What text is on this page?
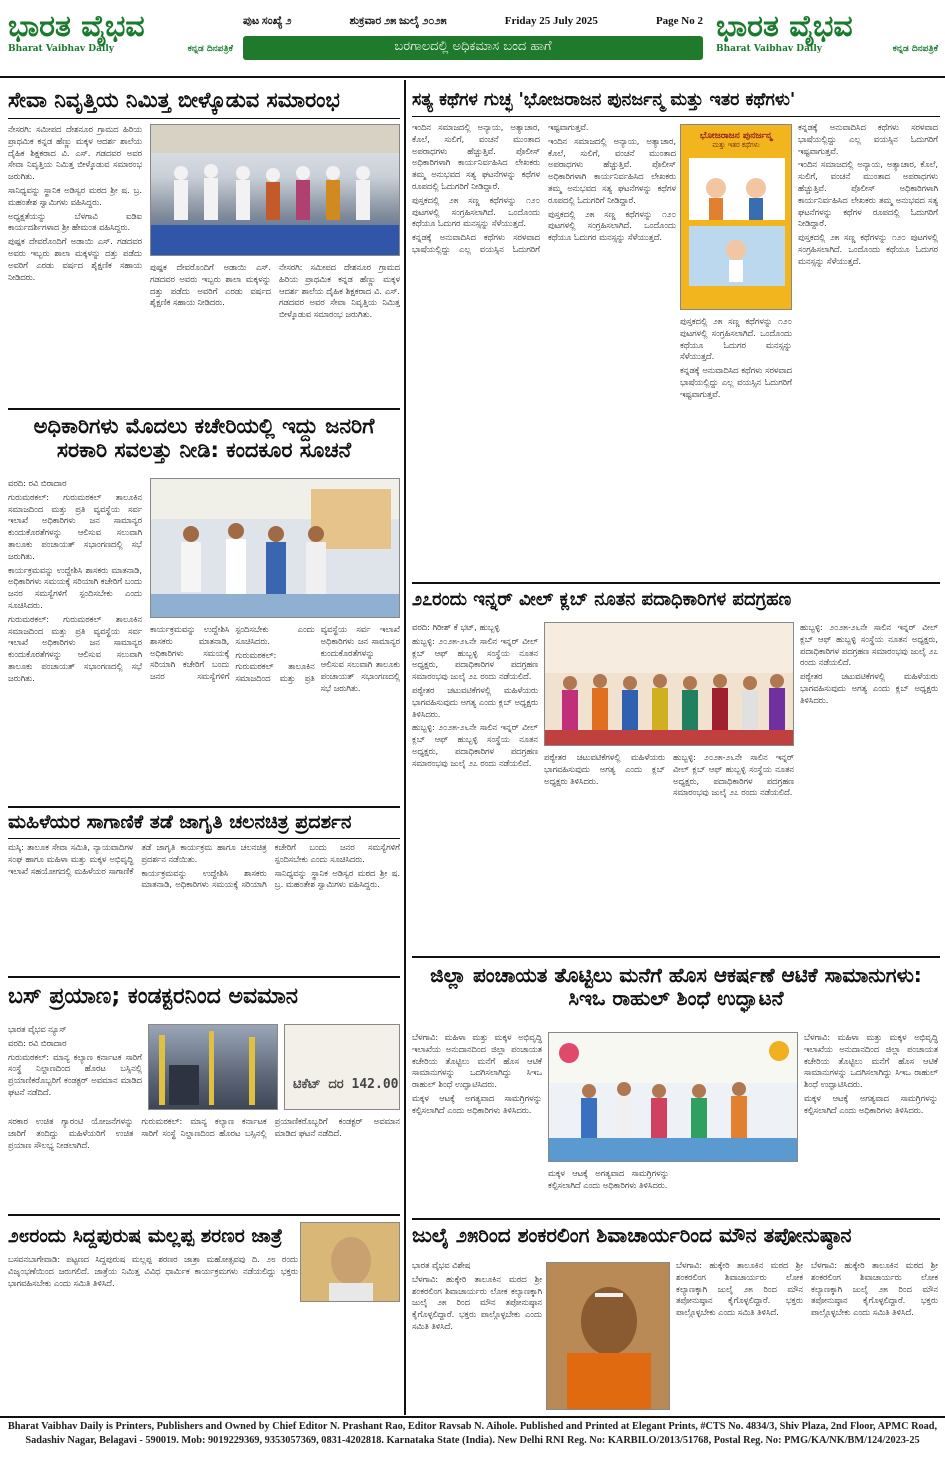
ಭಾರತ ವೈಭವ
Bharat Vaibhav Daily	ಕನ್ನಡ ದಿನಪತ್ರಿಕೆ
ಪುಟ ಸಂಖ್ಯೆ ೨	ಶುಕ್ರವಾರ ೨೫ ಜುಲೈ ೨೦೨೫	Friday 25 July 2025	Page No 2
ಬರಗಾಲದಲ್ಲಿ ಅಧಿಕಮಾಸ ಬಂದ ಹಾಗೆ
ಭಾರತ ವೈಭವ
Bharat Vaibhav Daily	ಕನ್ನಡ ದಿನಪತ್ರಿಕೆ
ಸೇವಾ ನಿವೃತ್ತಿಯ ನಿಮಿತ್ತ ಬೀಳ್ಕೊಡುವ ಸಮಾರಂಭ

ನೇಸರಗಿ: ಸಮೀಪದ ದೇಶನೂರ ಗ್ರಾಮದ ಹಿರಿಯ ಪ್ರಾಥಮಿಕ ಕನ್ನಡ ಹೆಣ್ಣು ಮಕ್ಕಳ ಆದರ್ಶ ಶಾಲೆಯ ದೈಹಿಕ ಶಿಕ್ಷಕರಾದ ವಿ. ಎಸ್. ಗಡದವರ ಅವರ ಸೇವಾ ನಿವೃತ್ತಿಯ ನಿಮಿತ್ತ ಬೀಳ್ಕೊಡುವ ಸಮಾರಂಭ ಜರುಗಿತು.

ಸಾನಿಧ್ಯವನ್ನು ಸ್ಥಾನಿಕ ಅಡಿಸ್ವರ ಮಠದ ಶ್ರೀ ಷ. ಬ್ರ. ಮಹಂತೇಶ ಸ್ವಾಮಿಗಳು ವಹಿಸಿದ್ದರು.

ಅಧ್ಯಕ್ಷತೆಯನ್ನು ಬೆಳಗಾವಿ ಐಡಿಐ ಕಾರ್ಯದರ್ಶಿಗಳಾದ ಶ್ರೀ ಹೇಮಂತ ವಹಿಸಿದ್ದರು.

ಪುಷ್ಪಕ ದೇವರೊಂದಿಗೆ ಅಡಾಯಿ ಎಸ್. ಗಡದವರ ಅವರು ಇಬ್ಬರು ಶಾಲಾ ಮಕ್ಕಳನ್ನು ದತ್ತು ಪಡೆದು ಅವರಿಗೆ ಎರಡು ವರ್ಷದ ಶೈಕ್ಷಣಿಕ ಸಹಾಯ ನೀಡಿದರು.

ಪುಷ್ಪಕ ದೇವರೊಂದಿಗೆ ಅಡಾಯಿ ಎಸ್. ಗಡದವರ ಅವರು ಇಬ್ಬರು ಶಾಲಾ ಮಕ್ಕಳನ್ನು ದತ್ತು ಪಡೆದು ಅವರಿಗೆ ಎರಡು ವರ್ಷದ ಶೈಕ್ಷಣಿಕ ಸಹಾಯ ನೀಡಿದರು.

ನೇಸರಗಿ: ಸಮೀಪದ ದೇಶನೂರ ಗ್ರಾಮದ ಹಿರಿಯ ಪ್ರಾಥಮಿಕ ಕನ್ನಡ ಹೆಣ್ಣು ಮಕ್ಕಳ ಆದರ್ಶ ಶಾಲೆಯ ದೈಹಿಕ ಶಿಕ್ಷಕರಾದ ವಿ. ಎಸ್. ಗಡದವರ ಅವರ ಸೇವಾ ನಿವೃತ್ತಿಯ ನಿಮಿತ್ತ ಬೀಳ್ಕೊಡುವ ಸಮಾರಂಭ ಜರುಗಿತು.

ಅಧಿಕಾರಿಗಳು ಮೊದಲು ಕಚೇರಿಯಲ್ಲಿ ಇದ್ದು ಜನರಿಗೆ ಸರಕಾರಿ ಸವಲತ್ತು ನೀಡಿ: ಕಂದಕೂರ ಸೂಚನೆ

ವರದಿ: ರವಿ ಬಿರಾದಾರ

ಗುರುಮಠಕಲ್: ಗುರುಮಠಕಲ್ ತಾಲೂಕಿನ ಸಮಾಜದಿಂದ ಮತ್ತು ಪ್ರತಿ ವ್ಯವಸ್ಥೆಯ ಸರ್ವ ಇಲಾಖೆ ಅಧಿಕಾರಿಗಳು ಜನ ಸಾಮಾನ್ಯರ ಕುಂದುಕೊರತೆಗಳನ್ನು ಆಲಿಸುವ ಸಲುವಾಗಿ ತಾಲೂಕು ಪಂಚಾಯತ್ ಸಭಾಂಗಣದಲ್ಲಿ ಸಭೆ ಜರುಗಿತು.

ಕಾರ್ಯಕ್ರಮವನ್ನು ಉದ್ದೇಶಿಸಿ ಶಾಸಕರು ಮಾತನಾಡಿ, ಅಧಿಕಾರಿಗಳು ಸಮಯಕ್ಕೆ ಸರಿಯಾಗಿ ಕಚೇರಿಗೆ ಬಂದು ಜನರ ಸಮಸ್ಯೆಗಳಿಗೆ ಸ್ಪಂದಿಸಬೇಕು ಎಂದು ಸೂಚಿಸಿದರು.

ಗುರುಮಠಕಲ್: ಗುರುಮಠಕಲ್ ತಾಲೂಕಿನ ಸಮಾಜದಿಂದ ಮತ್ತು ಪ್ರತಿ ವ್ಯವಸ್ಥೆಯ ಸರ್ವ ಇಲಾಖೆ ಅಧಿಕಾರಿಗಳು ಜನ ಸಾಮಾನ್ಯರ ಕುಂದುಕೊರತೆಗಳನ್ನು ಆಲಿಸುವ ಸಲುವಾಗಿ ತಾಲೂಕು ಪಂಚಾಯತ್ ಸಭಾಂಗಣದಲ್ಲಿ ಸಭೆ ಜರುಗಿತು.

ಕಾರ್ಯಕ್ರಮವನ್ನು ಉದ್ದೇಶಿಸಿ ಶಾಸಕರು ಮಾತನಾಡಿ, ಅಧಿಕಾರಿಗಳು ಸಮಯಕ್ಕೆ ಸರಿಯಾಗಿ ಕಚೇರಿಗೆ ಬಂದು ಜನರ ಸಮಸ್ಯೆಗಳಿಗೆ ಸ್ಪಂದಿಸಬೇಕು ಎಂದು ಸೂಚಿಸಿದರು.

ಗುರುಮಠಕಲ್: ಗುರುಮಠಕಲ್ ತಾಲೂಕಿನ ಸಮಾಜದಿಂದ ಮತ್ತು ಪ್ರತಿ ವ್ಯವಸ್ಥೆಯ ಸರ್ವ ಇಲಾಖೆ ಅಧಿಕಾರಿಗಳು ಜನ ಸಾಮಾನ್ಯರ ಕುಂದುಕೊರತೆಗಳನ್ನು ಆಲಿಸುವ ಸಲುವಾಗಿ ತಾಲೂಕು ಪಂಚಾಯತ್ ಸಭಾಂಗಣದಲ್ಲಿ ಸಭೆ ಜರುಗಿತು.

ಮಹಿಳೆಯರ ಸಾಗಾಣಿಕೆ ತಡೆ ಜಾಗೃತಿ ಚಲನಚಿತ್ರ ಪ್ರದರ್ಶನ

ಮಸ್ಕಿ: ತಾಲೂಕ ಸೇವಾ ಸಮಿತಿ, ನ್ಯಾಯವಾದಿಗಳ ಸಂಘ ಹಾಗೂ ಮಹಿಳಾ ಮತ್ತು ಮಕ್ಕಳ ಅಭಿವೃದ್ಧಿ ಇಲಾಖೆ ಸಹಯೋಗದಲ್ಲಿ ಮಹಿಳೆಯರ ಸಾಗಾಣಿಕೆ ತಡೆ ಜಾಗೃತಿ ಕಾರ್ಯಕ್ರಮ ಹಾಗೂ ಚಲನಚಿತ್ರ ಪ್ರದರ್ಶನ ನಡೆಯಿತು.

ಕಾರ್ಯಕ್ರಮವನ್ನು ಉದ್ದೇಶಿಸಿ ಶಾಸಕರು ಮಾತನಾಡಿ, ಅಧಿಕಾರಿಗಳು ಸಮಯಕ್ಕೆ ಸರಿಯಾಗಿ ಕಚೇರಿಗೆ ಬಂದು ಜನರ ಸಮಸ್ಯೆಗಳಿಗೆ ಸ್ಪಂದಿಸಬೇಕು ಎಂದು ಸೂಚಿಸಿದರು.

ಸಾನಿಧ್ಯವನ್ನು ಸ್ಥಾನಿಕ ಅಡಿಸ್ವರ ಮಠದ ಶ್ರೀ ಷ. ಬ್ರ. ಮಹಂತೇಶ ಸ್ವಾಮಿಗಳು ವಹಿಸಿದ್ದರು.

ಬಸ್ ಪ್ರಯಾಣ; ಕಂಡಕ್ಟರನಿಂದ ಅವಮಾನ

ಭಾರತ ವೈಭವ ನ್ಯೂಸ್

ವರದಿ: ರವಿ ಬಿರಾದಾರ

ಗುರುಮಠಕಲ್: ಮಾನ್ಯ ಕಲ್ಯಾಣ ಕರ್ನಾಟಕ ಸಾರಿಗೆ ಸಂಸ್ಥೆ ನಿಲ್ದಾಣದಿಂದ ಹೊರಟ ಬಸ್ಸಿನಲ್ಲಿ ಪ್ರಯಾಣಿಕರೊಬ್ಬರಿಗೆ ಕಂಡಕ್ಟರ್ ಅವಮಾನ ಮಾಡಿದ ಘಟನೆ ನಡೆದಿದೆ.	ಟಿಕೆಟ್ ದರ 142.00

ಸರಕಾರ ಉಚಿತ ಗ್ಯಾರಂಟಿ ಯೋಜನೆಗಳನ್ನು ಜಾರಿಗೆ ತಂದಿದ್ದು ಮಹಿಳೆಯರಿಗೆ ಉಚಿತ ಪ್ರಯಾಣ ಸೌಲಭ್ಯ ನೀಡಲಾಗಿದೆ.

ಗುರುಮಠಕಲ್: ಮಾನ್ಯ ಕಲ್ಯಾಣ ಕರ್ನಾಟಕ ಸಾರಿಗೆ ಸಂಸ್ಥೆ ನಿಲ್ದಾಣದಿಂದ ಹೊರಟ ಬಸ್ಸಿನಲ್ಲಿ ಪ್ರಯಾಣಿಕರೊಬ್ಬರಿಗೆ ಕಂಡಕ್ಟರ್ ಅವಮಾನ ಮಾಡಿದ ಘಟನೆ ನಡೆದಿದೆ.

೨೮ರಂದು ಸಿದ್ದಪುರುಷ ಮಲ್ಲಪ್ಪ ಶರಣರ ಜಾತ್ರೆ

ಬಸವನಬಾಗೇವಾಡಿ: ಪಟ್ಟಣದ ಸಿದ್ದಪುರುಷ ಮಲ್ಲಪ್ಪ ಶರಣರ ಜಾತ್ರಾ ಮಹೋತ್ಸವವು ದಿ. ೨೮ ರಂದು ವಿಜೃಂಭಣೆಯಿಂದ ಜರುಗಲಿದೆ. ಜಾತ್ರೆಯ ನಿಮಿತ್ತ ವಿವಿಧ ಧಾರ್ಮಿಕ ಕಾರ್ಯಕ್ರಮಗಳು ನಡೆಯಲಿದ್ದು ಭಕ್ತರು ಭಾಗವಹಿಸಬೇಕು ಎಂದು ಸಮಿತಿ ತಿಳಿಸಿದೆ.

ಸತ್ಯ ಕಥೆಗಳ ಗುಚ್ಛ 'ಭೋಜರಾಜನ ಪುನರ್ಜನ್ಮ ಮತ್ತು ಇತರ ಕಥೆಗಳು'

ಇಂದಿನ ಸಮಾಜದಲ್ಲಿ ಅನ್ಯಾಯ, ಅತ್ಯಾಚಾರ, ಕೊಲೆ, ಸುಲಿಗೆ, ವಂಚನೆ ಮುಂತಾದ ಅಪರಾಧಗಳು ಹೆಚ್ಚುತ್ತಿವೆ. ಪೊಲೀಸ್ ಅಧಿಕಾರಿಗಳಾಗಿ ಕಾರ್ಯನಿರ್ವಹಿಸಿದ ಲೇಖಕರು ತಮ್ಮ ಅನುಭವದ ಸತ್ಯ ಘಟನೆಗಳನ್ನು ಕಥೆಗಳ ರೂಪದಲ್ಲಿ ಓದುಗರಿಗೆ ನೀಡಿದ್ದಾರೆ.

ಪುಸ್ತಕದಲ್ಲಿ ೨೫ ಸಣ್ಣ ಕಥೆಗಳನ್ನು ೧೨೦ ಪುಟಗಳಲ್ಲಿ ಸಂಗ್ರಹಿಸಲಾಗಿದೆ. ಒಂದೊಂದು ಕಥೆಯೂ ಓದುಗರ ಮನಸ್ಸನ್ನು ಸೆಳೆಯುತ್ತದೆ.

ಕನ್ನಡಕ್ಕೆ ಅನುವಾದಿಸಿದ ಕಥೆಗಳು ಸರಳವಾದ ಭಾಷೆಯಲ್ಲಿದ್ದು ಎಲ್ಲ ವಯಸ್ಸಿನ ಓದುಗರಿಗೆ ಇಷ್ಟವಾಗುತ್ತವೆ.

ಇಂದಿನ ಸಮಾಜದಲ್ಲಿ ಅನ್ಯಾಯ, ಅತ್ಯಾಚಾರ, ಕೊಲೆ, ಸುಲಿಗೆ, ವಂಚನೆ ಮುಂತಾದ ಅಪರಾಧಗಳು ಹೆಚ್ಚುತ್ತಿವೆ. ಪೊಲೀಸ್ ಅಧಿಕಾರಿಗಳಾಗಿ ಕಾರ್ಯನಿರ್ವಹಿಸಿದ ಲೇಖಕರು ತಮ್ಮ ಅನುಭವದ ಸತ್ಯ ಘಟನೆಗಳನ್ನು ಕಥೆಗಳ ರೂಪದಲ್ಲಿ ಓದುಗರಿಗೆ ನೀಡಿದ್ದಾರೆ.

ಪುಸ್ತಕದಲ್ಲಿ ೨೫ ಸಣ್ಣ ಕಥೆಗಳನ್ನು ೧೨೦ ಪುಟಗಳಲ್ಲಿ ಸಂಗ್ರಹಿಸಲಾಗಿದೆ. ಒಂದೊಂದು ಕಥೆಯೂ ಓದುಗರ ಮನಸ್ಸನ್ನು ಸೆಳೆಯುತ್ತದೆ.

ಭೋಜರಾಜನ ಪುನರ್ಜನ್ಮ
ಮತ್ತು ಇತರ ಕಥೆಗಳು

ಕನ್ನಡಕ್ಕೆ ಅನುವಾದಿಸಿದ ಕಥೆಗಳು ಸರಳವಾದ ಭಾಷೆಯಲ್ಲಿದ್ದು ಎಲ್ಲ ವಯಸ್ಸಿನ ಓದುಗರಿಗೆ ಇಷ್ಟವಾಗುತ್ತವೆ.

ಇಂದಿನ ಸಮಾಜದಲ್ಲಿ ಅನ್ಯಾಯ, ಅತ್ಯಾಚಾರ, ಕೊಲೆ, ಸುಲಿಗೆ, ವಂಚನೆ ಮುಂತಾದ ಅಪರಾಧಗಳು ಹೆಚ್ಚುತ್ತಿವೆ. ಪೊಲೀಸ್ ಅಧಿಕಾರಿಗಳಾಗಿ ಕಾರ್ಯನಿರ್ವಹಿಸಿದ ಲೇಖಕರು ತಮ್ಮ ಅನುಭವದ ಸತ್ಯ ಘಟನೆಗಳನ್ನು ಕಥೆಗಳ ರೂಪದಲ್ಲಿ ಓದುಗರಿಗೆ ನೀಡಿದ್ದಾರೆ.

ಪುಸ್ತಕದಲ್ಲಿ ೨೫ ಸಣ್ಣ ಕಥೆಗಳನ್ನು ೧೨೦ ಪುಟಗಳಲ್ಲಿ ಸಂಗ್ರಹಿಸಲಾಗಿದೆ. ಒಂದೊಂದು ಕಥೆಯೂ ಓದುಗರ ಮನಸ್ಸನ್ನು ಸೆಳೆಯುತ್ತದೆ.

ಪುಸ್ತಕದಲ್ಲಿ ೨೫ ಸಣ್ಣ ಕಥೆಗಳನ್ನು ೧೨೦ ಪುಟಗಳಲ್ಲಿ ಸಂಗ್ರಹಿಸಲಾಗಿದೆ. ಒಂದೊಂದು ಕಥೆಯೂ ಓದುಗರ ಮನಸ್ಸನ್ನು ಸೆಳೆಯುತ್ತದೆ.

ಕನ್ನಡಕ್ಕೆ ಅನುವಾದಿಸಿದ ಕಥೆಗಳು ಸರಳವಾದ ಭಾಷೆಯಲ್ಲಿದ್ದು ಎಲ್ಲ ವಯಸ್ಸಿನ ಓದುಗರಿಗೆ ಇಷ್ಟವಾಗುತ್ತವೆ.

೨೭ರಂದು ಇನ್ನರ್ ವೀಲ್ ಕ್ಲಬ್ ನೂತನ ಪದಾಧಿಕಾರಿಗಳ ಪದಗ್ರಹಣ

ವರದಿ: ಗಿರೀಶ್ ಕೆ ಭಟ್, ಹುಬ್ಬಳ್ಳಿ

ಹುಬ್ಬಳ್ಳಿ: ೨೦೨೫-೨೬ನೇ ಸಾಲಿನ ಇನ್ನರ್ ವೀಲ್ ಕ್ಲಬ್ ಆಫ್ ಹುಬ್ಬಳ್ಳಿ ಸಂಸ್ಥೆಯ ನೂತನ ಅಧ್ಯಕ್ಷರು, ಪದಾಧಿಕಾರಿಗಳ ಪದಗ್ರಹಣ ಸಮಾರಂಭವು ಜುಲೈ ೨೭ ರಂದು ನಡೆಯಲಿದೆ.

ಪಠ್ಯೇತರ ಚಟುವಟಿಕೆಗಳಲ್ಲಿ ಮಹಿಳೆಯರು ಭಾಗವಹಿಸುವುದು ಅಗತ್ಯ ಎಂದು ಕ್ಲಬ್ ಅಧ್ಯಕ್ಷರು ತಿಳಿಸಿದರು.

ಹುಬ್ಬಳ್ಳಿ: ೨೦೨೫-೨೬ನೇ ಸಾಲಿನ ಇನ್ನರ್ ವೀಲ್ ಕ್ಲಬ್ ಆಫ್ ಹುಬ್ಬಳ್ಳಿ ಸಂಸ್ಥೆಯ ನೂತನ ಅಧ್ಯಕ್ಷರು, ಪದಾಧಿಕಾರಿಗಳ ಪದಗ್ರಹಣ ಸಮಾರಂಭವು ಜುಲೈ ೨೭ ರಂದು ನಡೆಯಲಿದೆ.

ಪಠ್ಯೇತರ ಚಟುವಟಿಕೆಗಳಲ್ಲಿ ಮಹಿಳೆಯರು ಭಾಗವಹಿಸುವುದು ಅಗತ್ಯ ಎಂದು ಕ್ಲಬ್ ಅಧ್ಯಕ್ಷರು ತಿಳಿಸಿದರು.

ಹುಬ್ಬಳ್ಳಿ: ೨೦೨೫-೨೬ನೇ ಸಾಲಿನ ಇನ್ನರ್ ವೀಲ್ ಕ್ಲಬ್ ಆಫ್ ಹುಬ್ಬಳ್ಳಿ ಸಂಸ್ಥೆಯ ನೂತನ ಅಧ್ಯಕ್ಷರು, ಪದಾಧಿಕಾರಿಗಳ ಪದಗ್ರಹಣ ಸಮಾರಂಭವು ಜುಲೈ ೨೭ ರಂದು ನಡೆಯಲಿದೆ.

ಹುಬ್ಬಳ್ಳಿ: ೨೦೨೫-೨೬ನೇ ಸಾಲಿನ ಇನ್ನರ್ ವೀಲ್ ಕ್ಲಬ್ ಆಫ್ ಹುಬ್ಬಳ್ಳಿ ಸಂಸ್ಥೆಯ ನೂತನ ಅಧ್ಯಕ್ಷರು, ಪದಾಧಿಕಾರಿಗಳ ಪದಗ್ರಹಣ ಸಮಾರಂಭವು ಜುಲೈ ೨೭ ರಂದು ನಡೆಯಲಿದೆ.

ಪಠ್ಯೇತರ ಚಟುವಟಿಕೆಗಳಲ್ಲಿ ಮಹಿಳೆಯರು ಭಾಗವಹಿಸುವುದು ಅಗತ್ಯ ಎಂದು ಕ್ಲಬ್ ಅಧ್ಯಕ್ಷರು ತಿಳಿಸಿದರು.

ಜಿಲ್ಲಾ ಪಂಚಾಯತ ತೊಟ್ಟಿಲು ಮನೆಗೆ ಹೊಸ ಆಕರ್ಷಣೆ ಆಟಿಕೆ ಸಾಮಾನುಗಳು: ಸಿಇಒ ರಾಹುಲ್ ಶಿಂಧೆ ಉದ್ಘಾಟನೆ

ಬೆಳಗಾವಿ: ಮಹಿಳಾ ಮತ್ತು ಮಕ್ಕಳ ಅಭಿವೃದ್ಧಿ ಇಲಾಖೆಯ ಅನುದಾನದಿಂದ ಜಿಲ್ಲಾ ಪಂಚಾಯತ ಕಚೇರಿಯ ತೊಟ್ಟಿಲು ಮನೆಗೆ ಹೊಸ ಆಟಿಕೆ ಸಾಮಾನುಗಳನ್ನು ಒದಗಿಸಲಾಗಿದ್ದು ಸಿಇಒ ರಾಹುಲ್ ಶಿಂಧೆ ಉದ್ಘಾಟಿಸಿದರು.

ಮಕ್ಕಳ ಆಟಕ್ಕೆ ಅಗತ್ಯವಾದ ಸಾಮಗ್ರಿಗಳನ್ನು ಕಲ್ಪಿಸಲಾಗಿದೆ ಎಂದು ಅಧಿಕಾರಿಗಳು ತಿಳಿಸಿದರು.

ಮಕ್ಕಳ ಆಟಕ್ಕೆ ಅಗತ್ಯವಾದ ಸಾಮಗ್ರಿಗಳನ್ನು ಕಲ್ಪಿಸಲಾಗಿದೆ ಎಂದು ಅಧಿಕಾರಿಗಳು ತಿಳಿಸಿದರು.

ಬೆಳಗಾವಿ: ಮಹಿಳಾ ಮತ್ತು ಮಕ್ಕಳ ಅಭಿವೃದ್ಧಿ ಇಲಾಖೆಯ ಅನುದಾನದಿಂದ ಜಿಲ್ಲಾ ಪಂಚಾಯತ ಕಚೇರಿಯ ತೊಟ್ಟಿಲು ಮನೆಗೆ ಹೊಸ ಆಟಿಕೆ ಸಾಮಾನುಗಳನ್ನು ಒದಗಿಸಲಾಗಿದ್ದು ಸಿಇಒ ರಾಹುಲ್ ಶಿಂಧೆ ಉದ್ಘಾಟಿಸಿದರು.

ಮಕ್ಕಳ ಆಟಕ್ಕೆ ಅಗತ್ಯವಾದ ಸಾಮಗ್ರಿಗಳನ್ನು ಕಲ್ಪಿಸಲಾಗಿದೆ ಎಂದು ಅಧಿಕಾರಿಗಳು ತಿಳಿಸಿದರು.

ಜುಲೈ ೨೫ರಿಂದ ಶಂಕರಲಿಂಗ ಶಿವಾಚಾರ್ಯರಿಂದ ಮೌನ ತಪೋನುಷ್ಠಾನ

ಭಾರತ ವೈಭವ ವಿಶೇಷ

ಬೆಳಗಾವಿ: ಹುಕ್ಕೇರಿ ತಾಲೂಕಿನ ಮಠದ ಶ್ರೀ ಶಂಕರಲಿಂಗ ಶಿವಾಚಾರ್ಯರು ಲೋಕ ಕಲ್ಯಾಣಕ್ಕಾಗಿ ಜುಲೈ ೨೫ ರಿಂದ ಮೌನ ತಪೋನುಷ್ಠಾನ ಕೈಗೊಳ್ಳಲಿದ್ದಾರೆ. ಭಕ್ತರು ಪಾಲ್ಗೊಳ್ಳಬೇಕು ಎಂದು ಸಮಿತಿ ತಿಳಿಸಿದೆ.

ಬೆಳಗಾವಿ: ಹುಕ್ಕೇರಿ ತಾಲೂಕಿನ ಮಠದ ಶ್ರೀ ಶಂಕರಲಿಂಗ ಶಿವಾಚಾರ್ಯರು ಲೋಕ ಕಲ್ಯಾಣಕ್ಕಾಗಿ ಜುಲೈ ೨೫ ರಿಂದ ಮೌನ ತಪೋನುಷ್ಠಾನ ಕೈಗೊಳ್ಳಲಿದ್ದಾರೆ. ಭಕ್ತರು ಪಾಲ್ಗೊಳ್ಳಬೇಕು ಎಂದು ಸಮಿತಿ ತಿಳಿಸಿದೆ.

ಬೆಳಗಾವಿ: ಹುಕ್ಕೇರಿ ತಾಲೂಕಿನ ಮಠದ ಶ್ರೀ ಶಂಕರಲಿಂಗ ಶಿವಾಚಾರ್ಯರು ಲೋಕ ಕಲ್ಯಾಣಕ್ಕಾಗಿ ಜುಲೈ ೨೫ ರಿಂದ ಮೌನ ತಪೋನುಷ್ಠಾನ ಕೈಗೊಳ್ಳಲಿದ್ದಾರೆ. ಭಕ್ತರು ಪಾಲ್ಗೊಳ್ಳಬೇಕು ಎಂದು ಸಮಿತಿ ತಿಳಿಸಿದೆ.

Bharat Vaibhav Daily is Printers, Publishers and Owned by Chief Editor N. Prashant Rao, Editor Ravsab N. Aihole. Published and Printed at Elegant Prints, #CTS No. 4834/3, Shiv Plaza, 2nd Floor, APMC Road,
Sadashiv Nagar, Belagavi - 590019. Mob: 9019229369, 9353057369, 0831-4202818. Karnataka State (India). New Delhi RNI Reg. No: KARBILO/2013/51768, Postal Reg. No: PMG/KA/NK/BM/124/2023-25
